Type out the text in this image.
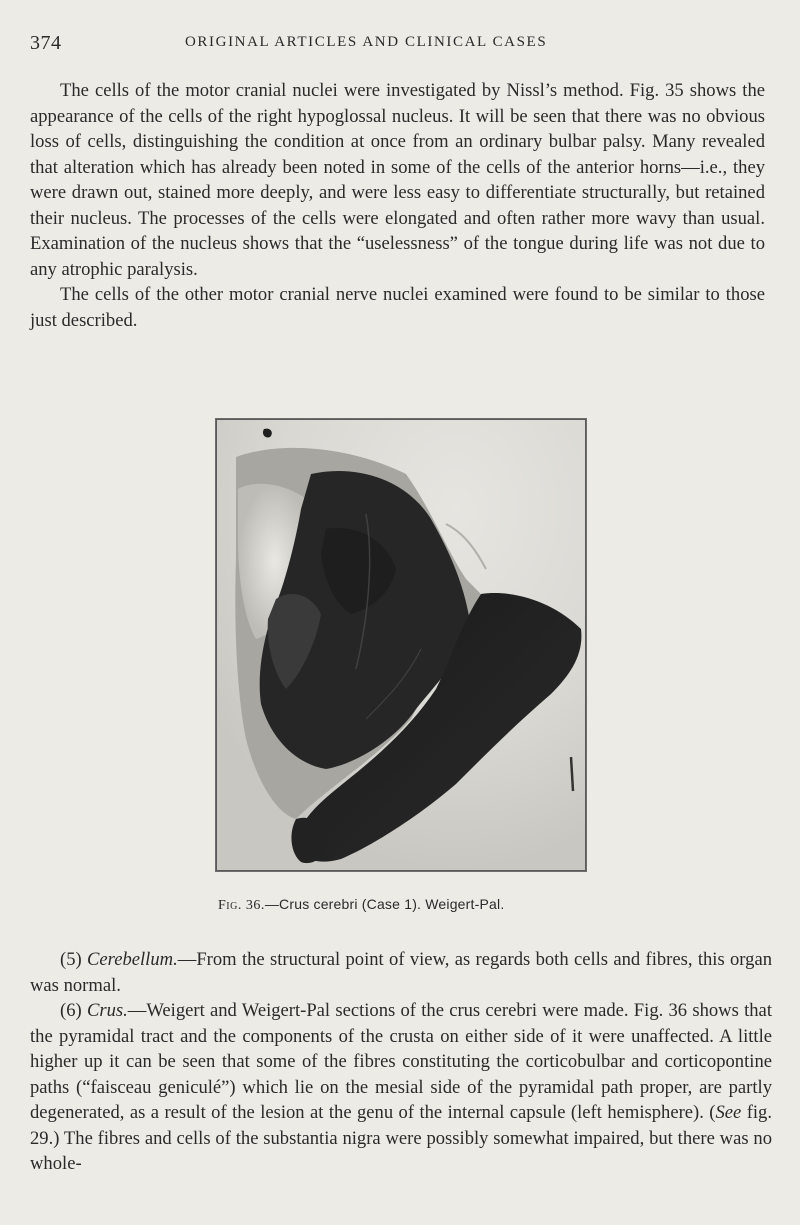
374	ORIGINAL ARTICLES AND CLINICAL CASES

The cells of the motor cranial nuclei were investigated by Nissl’s method. Fig. 35 shows the appearance of the cells of the right hypoglossal nucleus. It will be seen that there was no obvious loss of cells, distinguishing the condition at once from an ordinary bulbar palsy. Many revealed that alteration which has already been noted in some of the cells of the anterior horns—i.e., they were drawn out, stained more deeply, and were less easy to differentiate structurally, but retained their nucleus. The processes of the cells were elongated and often rather more wavy than usual. Examination of the nucleus shows that the “uselessness” of the tongue during life was not due to any atrophic paralysis.

The cells of the other motor cranial nerve nuclei examined were found to be similar to those just described.

Fig. 36.—Crus cerebri (Case 1). Weigert-Pal.

(5) Cerebellum.—From the structural point of view, as regards both cells and fibres, this organ was normal.

(6) Crus.—Weigert and Weigert-Pal sections of the crus cerebri were made. Fig. 36 shows that the pyramidal tract and the components of the crusta on either side of it were unaffected. A little higher up it can be seen that some of the fibres constituting the corticobulbar and corticopontine paths (“faisceau geniculé”) which lie on the mesial side of the pyramidal path proper, are partly degenerated, as a result of the lesion at the genu of the internal capsule (left hemisphere). (See fig. 29.) The fibres and cells of the substantia nigra were possibly somewhat impaired, but there was no whole-
